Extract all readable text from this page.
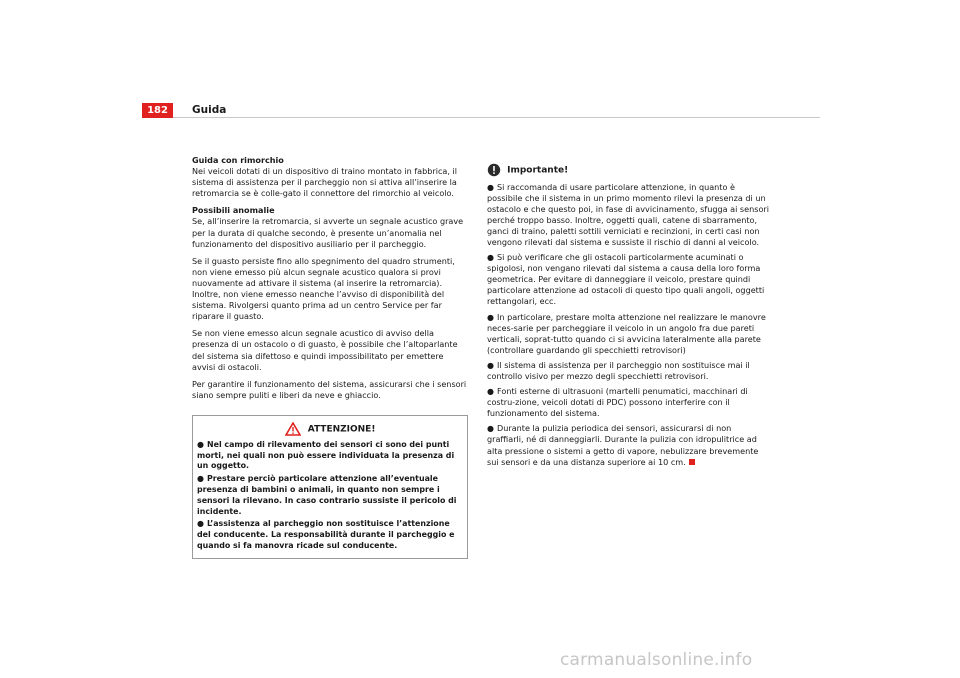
182	Guida
Guida con rimorchio

Nei veicoli dotati di un dispositivo di traino montato in fabbrica, il sistema di assistenza per il parcheggio non si attiva all’inserire la retromarcia se è colle-gato il connettore del rimorchio al veicolo.

Possibili anomalie

Se, all’inserire la retromarcia, si avverte un segnale acustico grave per la durata di qualche secondo, è presente un’anomalia nel funzionamento del dispositivo ausiliario per il parcheggio.

Se il guasto persiste fino allo spegnimento del quadro strumenti, non viene emesso più alcun segnale acustico qualora si provi nuovamente ad attivare il sistema (al inserire la retromarcia). Inoltre, non viene emesso neanche l’avviso di disponibilità del sistema. Rivolgersi quanto prima ad un centro Service per far riparare il guasto.

Se non viene emesso alcun segnale acustico di avviso della presenza di un ostacolo o di guasto, è possibile che l’altoparlante del sistema sia difettoso e quindi impossibilitato per emettere avvisi di ostacoli.

Per garantire il funzionamento del sistema, assicurarsi che i sensori siano sempre puliti e liberi da neve e ghiaccio.

ATTENZIONE!
● Nel campo di rilevamento dei sensori ci sono dei punti morti, nei quali non può essere individuata la presenza di un oggetto.
● Prestare perciò particolare attenzione all’eventuale presenza di bambini o animali, in quanto non sempre i sensori la rilevano. In caso contrario sussiste il pericolo di incidente.
● L’assistenza al parcheggio non sostituisce l’attenzione del conducente. La responsabilità durante il parcheggio e quando si fa manovra ricade sul conducente.
Importante!

● Si raccomanda di usare particolare attenzione, in quanto è possibile che il sistema in un primo momento rilevi la presenza di un ostacolo e che questo poi, in fase di avvicinamento, sfugga ai sensori perché troppo basso. Inoltre, oggetti quali, catene di sbarramento, ganci di traino, paletti sottili verniciati e recinzioni, in certi casi non vengono rilevati dal sistema e sussiste il rischio di danni al veicolo.

● Si può verificare che gli ostacoli particolarmente acuminati o spigolosi, non vengano rilevati dal sistema a causa della loro forma geometrica. Per evitare di danneggiare il veicolo, prestare quindi particolare attenzione ad ostacoli di questo tipo quali angoli, oggetti rettangolari, ecc.

● In particolare, prestare molta attenzione nel realizzare le manovre neces-sarie per parcheggiare il veicolo in un angolo fra due pareti verticali, soprat-tutto quando ci si avvicina lateralmente alla parete (controllare guardando gli specchietti retrovisori)

● Il sistema di assistenza per il parcheggio non sostituisce mai il controllo visivo per mezzo degli specchietti retrovisori.

● Fonti esterne di ultrasuoni (martelli penumatici, macchinari di costru-zione, veicoli dotati di PDC) possono interferire con il funzionamento del sistema.

● Durante la pulizia periodica dei sensori, assicurarsi di non graffiarli, né di danneggiarli. Durante la pulizia con idropulitrice ad alta pressione o sistemi a getto di vapore, nebulizzare brevemente sui sensori e da una distanza superiore ai 10 cm.

carmanualsonline.info
